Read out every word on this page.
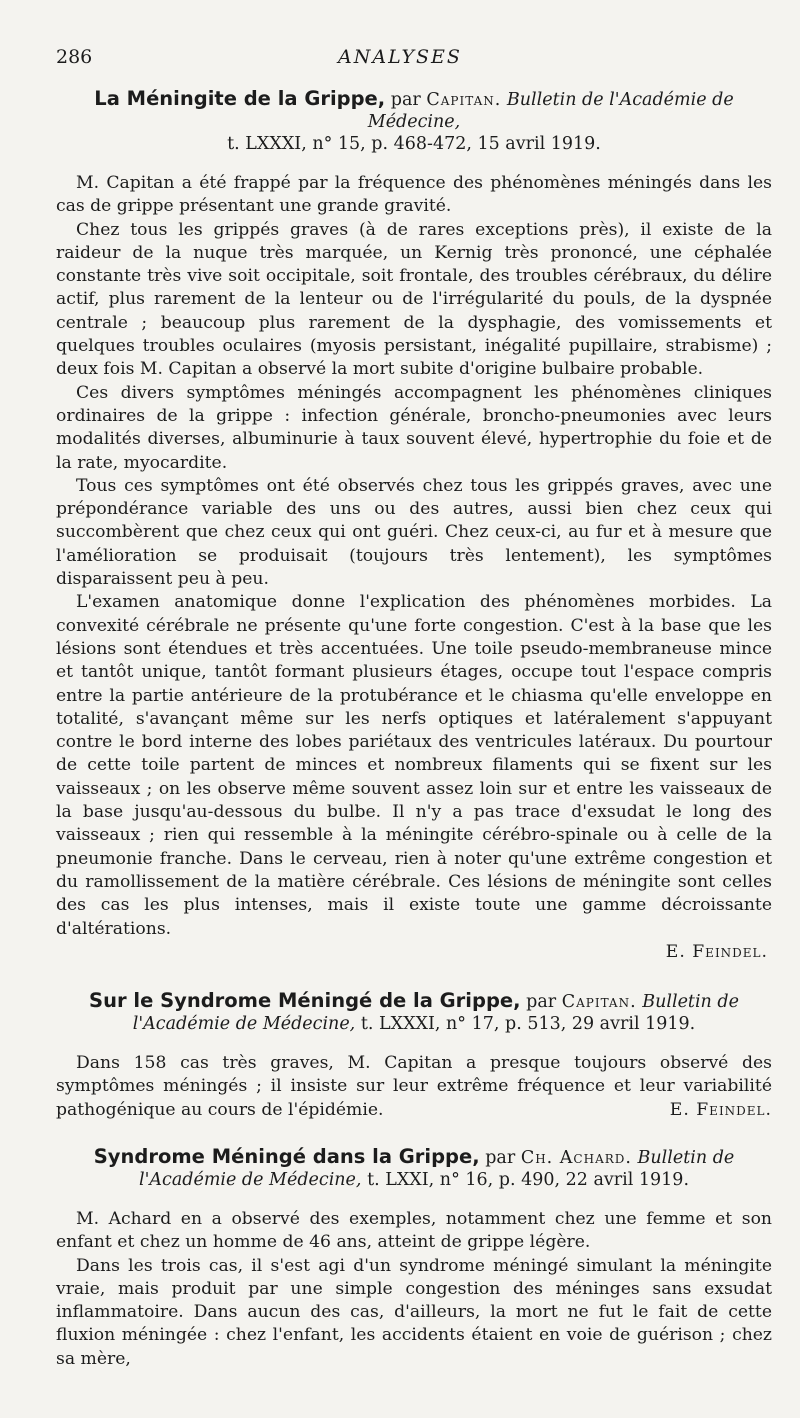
286	ANALYSES
La Méningite de la Grippe, par Capitan. Bulletin de l'Académie de Médecine,
t. LXXXI, n° 15, p. 468-472, 15 avril 1919.

M. Capitan a été frappé par la fréquence des phénomènes méningés dans les cas de grippe présentant une grande gravité.

Chez tous les grippés graves (à de rares exceptions près), il existe de la raideur de la nuque très marquée, un Kernig très prononcé, une céphalée constante très vive soit occipitale, soit frontale, des troubles cérébraux, du délire actif, plus rarement de la lenteur ou de l'irrégularité du pouls, de la dyspnée centrale ; beaucoup plus rarement de la dysphagie, des vomissements et quelques troubles oculaires (myosis persistant, inégalité pupillaire, strabisme) ; deux fois M. Capitan a observé la mort subite d'origine bulbaire probable.

Ces divers symptômes méningés accompagnent les phénomènes cliniques ordinaires de la grippe : infection générale, broncho-pneumonies avec leurs modalités diverses, albuminurie à taux souvent élevé, hypertrophie du foie et de la rate, myocardite.

Tous ces symptômes ont été observés chez tous les grippés graves, avec une prépondérance variable des uns ou des autres, aussi bien chez ceux qui succombèrent que chez ceux qui ont guéri. Chez ceux-ci, au fur et à mesure que l'amélioration se produisait (toujours très lentement), les symptômes disparaissent peu à peu.

L'examen anatomique donne l'explication des phénomènes morbides. La convexité cérébrale ne présente qu'une forte congestion. C'est à la base que les lésions sont étendues et très accentuées. Une toile pseudo-membraneuse mince et tantôt unique, tantôt formant plusieurs étages, occupe tout l'espace compris entre la partie antérieure de la protubérance et le chiasma qu'elle enveloppe en totalité, s'avançant même sur les nerfs optiques et latéralement s'appuyant contre le bord interne des lobes pariétaux des ventricules latéraux. Du pourtour de cette toile partent de minces et nombreux filaments qui se fixent sur les vaisseaux ; on les observe même souvent assez loin sur et entre les vaisseaux de la base jusqu'au-dessous du bulbe. Il n'y a pas trace d'exsudat le long des vaisseaux ; rien qui ressemble à la méningite cérébro-spinale ou à celle de la pneumonie franche. Dans le cerveau, rien à noter qu'une extrême congestion et du ramollissement de la matière cérébrale. Ces lésions de méningite sont celles des cas les plus intenses, mais il existe toute une gamme décroissante d'altérations.

E. Feindel.

Sur le Syndrome Méningé de la Grippe, par Capitan. Bulletin de l'Académie de Médecine, t. LXXXI, n° 17, p. 513, 29 avril 1919.

Dans 158 cas très graves, M. Capitan a presque toujours observé des symptômes méningés ; il insiste sur leur extrême fréquence et leur variabilité pathogénique au cours de l'épidémie.	E. Feindel.

Syndrome Méningé dans la Grippe, par Ch. Achard. Bulletin de l'Académie de Médecine, t. LXXI, n° 16, p. 490, 22 avril 1919.

M. Achard en a observé des exemples, notamment chez une femme et son enfant et chez un homme de 46 ans, atteint de grippe légère.

Dans les trois cas, il s'est agi d'un syndrome méningé simulant la méningite vraie, mais produit par une simple congestion des méninges sans exsudat inflammatoire. Dans aucun des cas, d'ailleurs, la mort ne fut le fait de cette fluxion méningée : chez l'enfant, les accidents étaient en voie de guérison ; chez sa mère,
